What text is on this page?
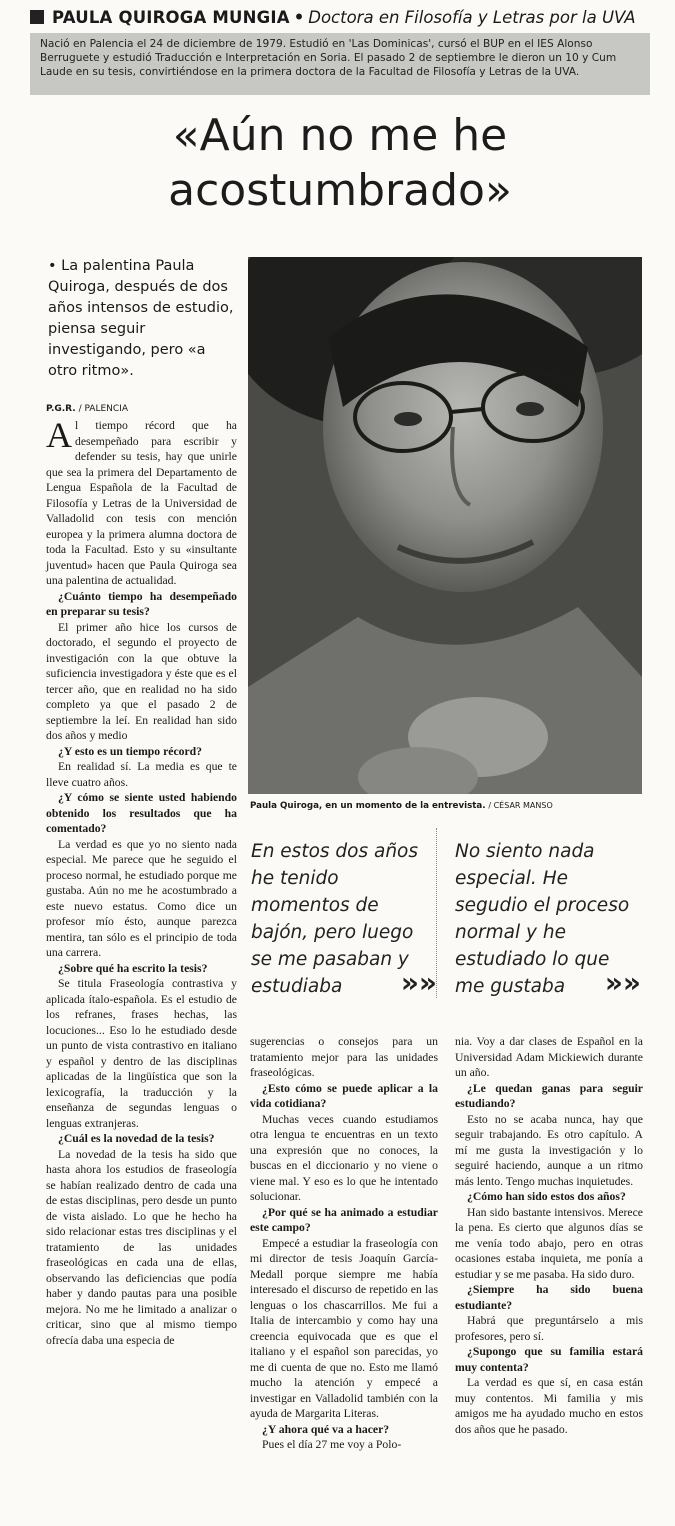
PAULA QUIROGA MUNGIA • Doctora en Filosofía y Letras por la UVA
Nació en Palencia el 24 de diciembre de 1979. Estudió en 'Las Dominicas', cursó el BUP en el IES Alonso Berruguete y estudió Traducción e Interpretación en Soria. El pasado 2 de septiembre le dieron un 10 y Cum Laude en su tesis, convirtiéndose en la primera doctora de la Facultad de Filosofía y Letras de la UVA.
«Aún no me he acostumbrado»

• La palentina Paula Quiroga, después de dos años intensos de estudio, piensa seguir investigando, pero «a otro ritmo».

Paula Quiroga, en un momento de la entrevista. / CÉSAR MANSO
En estos dos años he tenido momentos de bajón, pero luego se me pasaban y estudiaba »»
No siento nada especial. He segudio el proceso normal y he estudiado lo que me gustaba »»
P.G.R. / PALENCIA

Al tiempo récord que ha desempeñado para escribir y defender su tesis, hay que unirle que sea la primera del Departamento de Lengua Española de la Facultad de Filosofía y Letras de la Universidad de Valladolid con tesis con mención europea y la primera alumna doctora de toda la Facultad. Esto y su «insultante juventud» hacen que Paula Quiroga sea una palentina de actualidad.

¿Cuánto tiempo ha desempeñado en preparar su tesis?

El primer año hice los cursos de doctorado, el segundo el proyecto de investigación con la que obtuve la suficiencia investigadora y éste que es el tercer año, que en realidad no ha sido completo ya que el pasado 2 de septiembre la leí. En realidad han sido dos años y medio

¿Y esto es un tiempo récord?

En realidad sí. La media es que te lleve cuatro años.

¿Y cómo se siente usted habiendo obtenido los resultados que ha comentado?

La verdad es que yo no siento nada especial. Me parece que he seguido el proceso normal, he estudiado porque me gustaba. Aún no me he acostumbrado a este nuevo estatus. Como dice un profesor mío ésto, aunque parezca mentira, tan sólo es el principio de toda una carrera.

¿Sobre qué ha escrito la tesis?

Se titula Fraseología contrastiva y aplicada ítalo-española. Es el estudio de los refranes, frases hechas, las locuciones... Eso lo he estudiado desde un punto de vista contrastivo en italiano y español y dentro de las disciplinas aplicadas de la lingüística que son la lexicografía, la traducción y la enseñanza de segundas lenguas o lenguas extranjeras.

¿Cuál es la novedad de la tesis?

La novedad de la tesis ha sido que hasta ahora los estudios de fraseología se habían realizado dentro de cada una de estas disciplinas, pero desde un punto de vista aislado. Lo que he hecho ha sido relacionar estas tres disciplinas y el tratamiento de las unidades fraseológicas en cada una de ellas, observando las deficiencias que podía haber y dando pautas para una posible mejora. No me he limitado a analizar o criticar, sino que al mismo tiempo ofrecía daba una especia de

sugerencias o consejos para un tratamiento mejor para las unidades fraseológicas.

¿Esto cómo se puede aplicar a la vida cotidiana?

Muchas veces cuando estudiamos otra lengua te encuentras en un texto una expresión que no conoces, la buscas en el diccionario y no viene o viene mal. Y eso es lo que he intentado solucionar.

¿Por qué se ha animado a estudiar este campo?

Empecé a estudiar la fraseología con mi director de tesis Joaquín García-Medall porque siempre me había interesado el discurso de repetido en las lenguas o los chascarrillos. Me fui a Italia de intercambio y como hay una creencia equivocada que es que el italiano y el español son parecidas, yo me di cuenta de que no. Esto me llamó mucho la atención y empecé a investigar en Valladolid también con la ayuda de Margarita Literas.

¿Y ahora qué va a hacer?

Pues el día 27 me voy a Polo-

nia. Voy a dar clases de Español en la Universidad Adam Mickiewich durante un año.

¿Le quedan ganas para seguir estudiando?

Esto no se acaba nunca, hay que seguir trabajando. Es otro capítulo. A mí me gusta la investigación y lo seguiré haciendo, aunque a un ritmo más lento. Tengo muchas inquietudes.

¿Cómo han sido estos dos años?

Han sido bastante intensivos. Merece la pena. Es cierto que algunos días se me venía todo abajo, pero en otras ocasiones estaba inquieta, me ponía a estudiar y se me pasaba. Ha sido duro.

¿Siempre ha sido buena estudiante?

Habrá que preguntárselo a mis profesores, pero sí.

¿Supongo que su familia estará muy contenta?

La verdad es que sí, en casa están muy contentos. Mi familia y mis amigos me ha ayudado mucho en estos dos años que he pasado.
